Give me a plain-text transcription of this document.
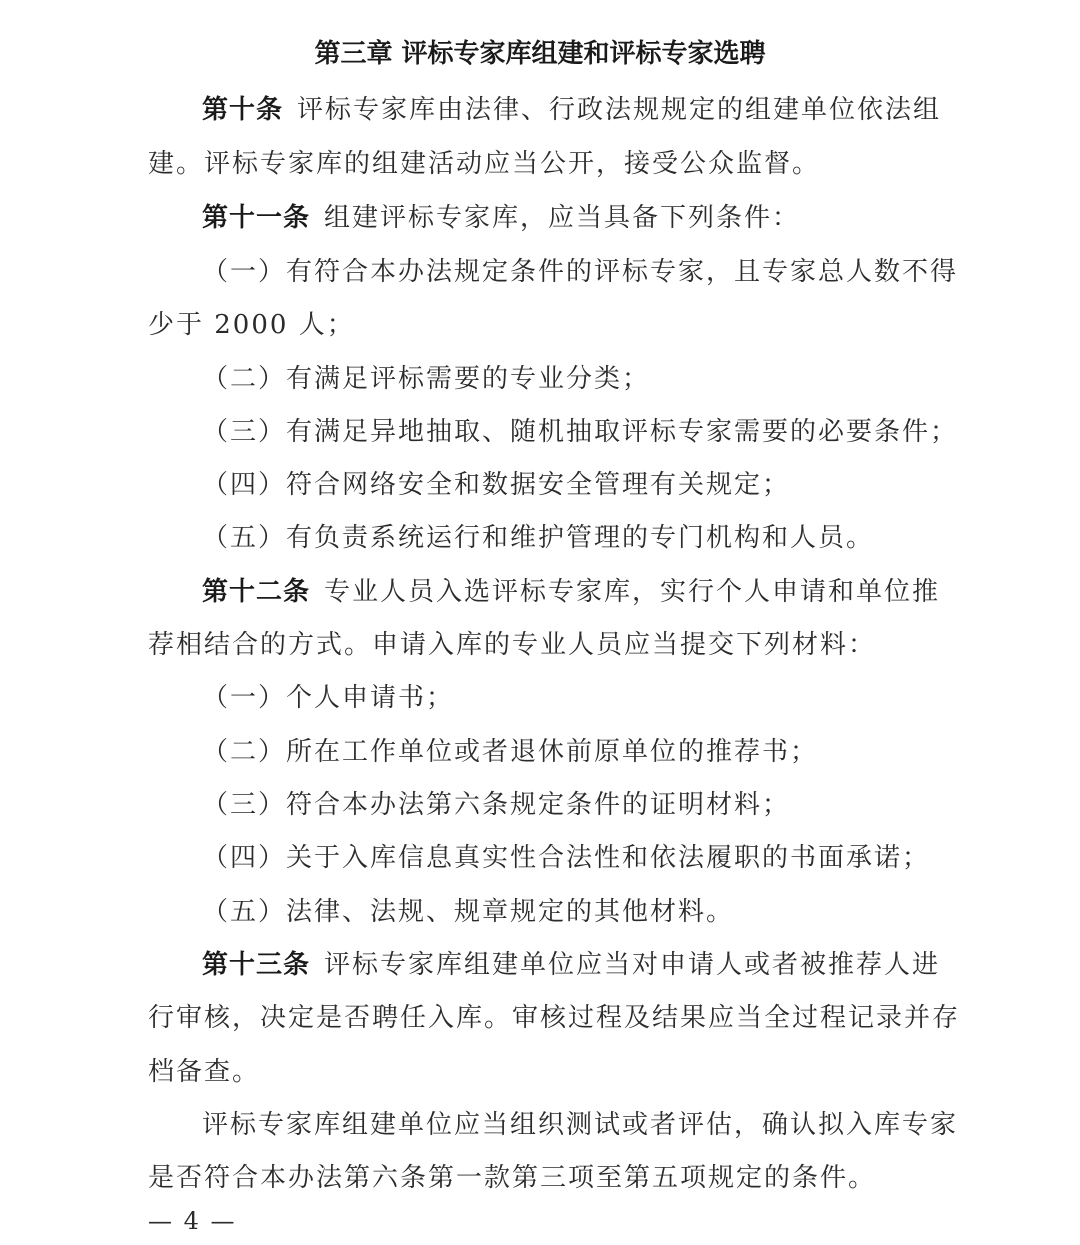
第三章 评标专家库组建和评标专家选聘
第十条 评标专家库由法律、行政法规规定的组建单位依法组
建。评标专家库的组建活动应当公开，接受公众监督。
第十一条 组建评标专家库，应当具备下列条件：
（一）有符合本办法规定条件的评标专家，且专家总人数不得
少于 2000 人；
（二）有满足评标需要的专业分类；
（三）有满足异地抽取、随机抽取评标专家需要的必要条件；
（四）符合网络安全和数据安全管理有关规定；
（五）有负责系统运行和维护管理的专门机构和人员。
第十二条 专业人员入选评标专家库，实行个人申请和单位推
荐相结合的方式。申请入库的专业人员应当提交下列材料：
（一）个人申请书；
（二）所在工作单位或者退休前原单位的推荐书；
（三）符合本办法第六条规定条件的证明材料；
（四）关于入库信息真实性合法性和依法履职的书面承诺；
（五）法律、法规、规章规定的其他材料。
第十三条 评标专家库组建单位应当对申请人或者被推荐人进
行审核，决定是否聘任入库。审核过程及结果应当全过程记录并存
档备查。
评标专家库组建单位应当组织测试或者评估，确认拟入库专家
是否符合本办法第六条第一款第三项至第五项规定的条件。
— 4 —
